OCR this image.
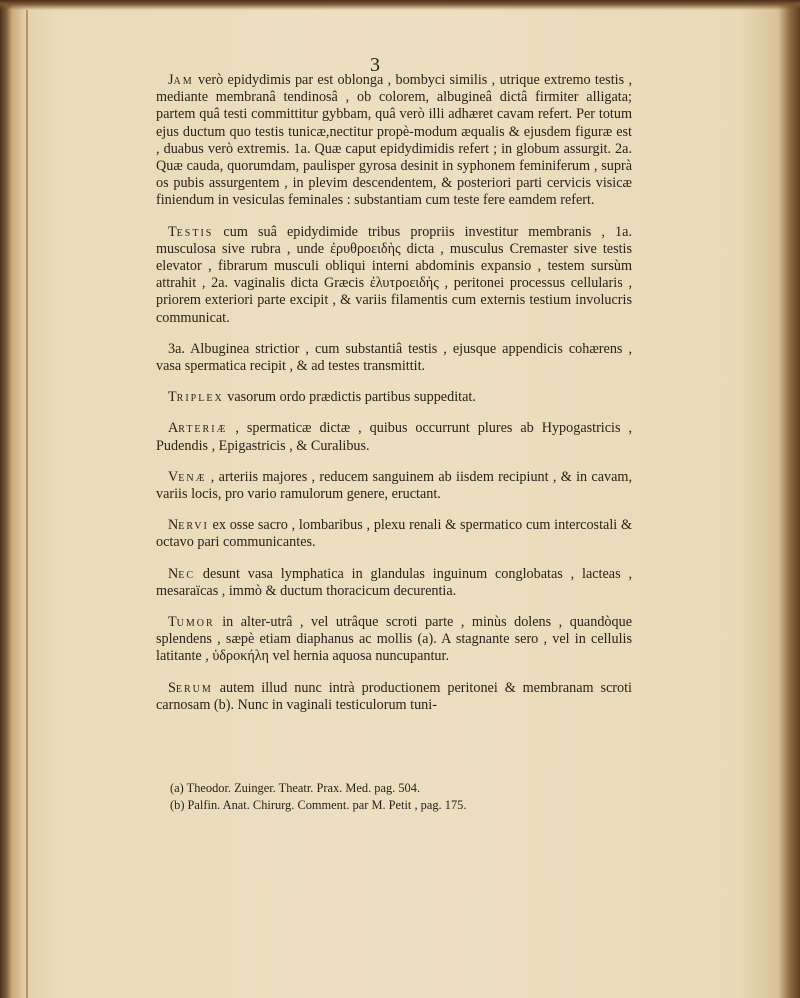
3

Jam verò epidydimis par est oblonga , bombyci similis , utrique extremo testis , mediante membranâ tendinosâ , ob colorem, albugineâ dictâ firmiter alligata; partem quâ testi committitur gybbam, quâ verò illi adhæret cavam refert. Per totum ejus ductum quo testis tunicæ,nectitur propè-modum æqualis & ejusdem figuræ est , duabus verò extremis. 1a. Quæ caput epidydimidis refert ; in globum assurgit. 2a. Quæ cauda, quorumdam, paulisper gyrosa desinit in syphonem feminiferum , suprà os pubis assurgentem , in plevim descendentem, & posteriori parti cervicis visicæ finiendum in vesiculas feminales : substantiam cum teste fere eamdem refert.

Testis cum suâ epidydimide tribus propriis investitur membranis , 1a. musculosa sive rubra , unde ἐρυθροειδὴς dicta , musculus Cremaster sive testis elevator , fibrarum musculi obliqui interni abdominis expansio , testem sursùm attrahit , 2a. vaginalis dicta Græcis ἐλυτροειδὴς , peritonei processus cellularis , priorem exteriori parte excipit , & variis filamentis cum externis testium involucris communicat.

3a. Albuginea strictior , cum substantiâ testis , ejusque appendicis cohærens , vasa spermatica recipit , & ad testes transmittit.

Triplex vasorum ordo prædictis partibus suppeditat.

Arteriæ , spermaticæ dictæ , quibus occurrunt plures ab Hypogastricis , Pudendis , Epigastricis , & Curalibus.

Venæ , arteriis majores , reducem sanguinem ab iisdem recipiunt , & in cavam, variis locis, pro vario ramulorum genere, eructant.

Nervi ex osse sacro , lombaribus , plexu renali & spermatico cum intercostali & octavo pari communicantes.

Nec desunt vasa lymphatica in glandulas inguinum conglobatas , lacteas , mesaraïcas , immò & ductum thoracicum decurentia.

Tumor in alter-utrâ , vel utrâque scroti parte , minùs dolens , quandòque splendens , sæpè etiam diaphanus ac mollis (a). A stagnante sero , vel in cellulis latitante , ὑδροκήλη vel hernia aquosa nuncupantur.

Serum autem illud nunc intrà productionem peritonei & membranam scroti carnosam (b). Nunc in vaginali testiculorum tuni-

(a) Theodor. Zuinger. Theatr. Prax. Med. pag. 504.

(b) Palfin. Anat. Chirurg. Comment. par M. Petit , pag. 175.
